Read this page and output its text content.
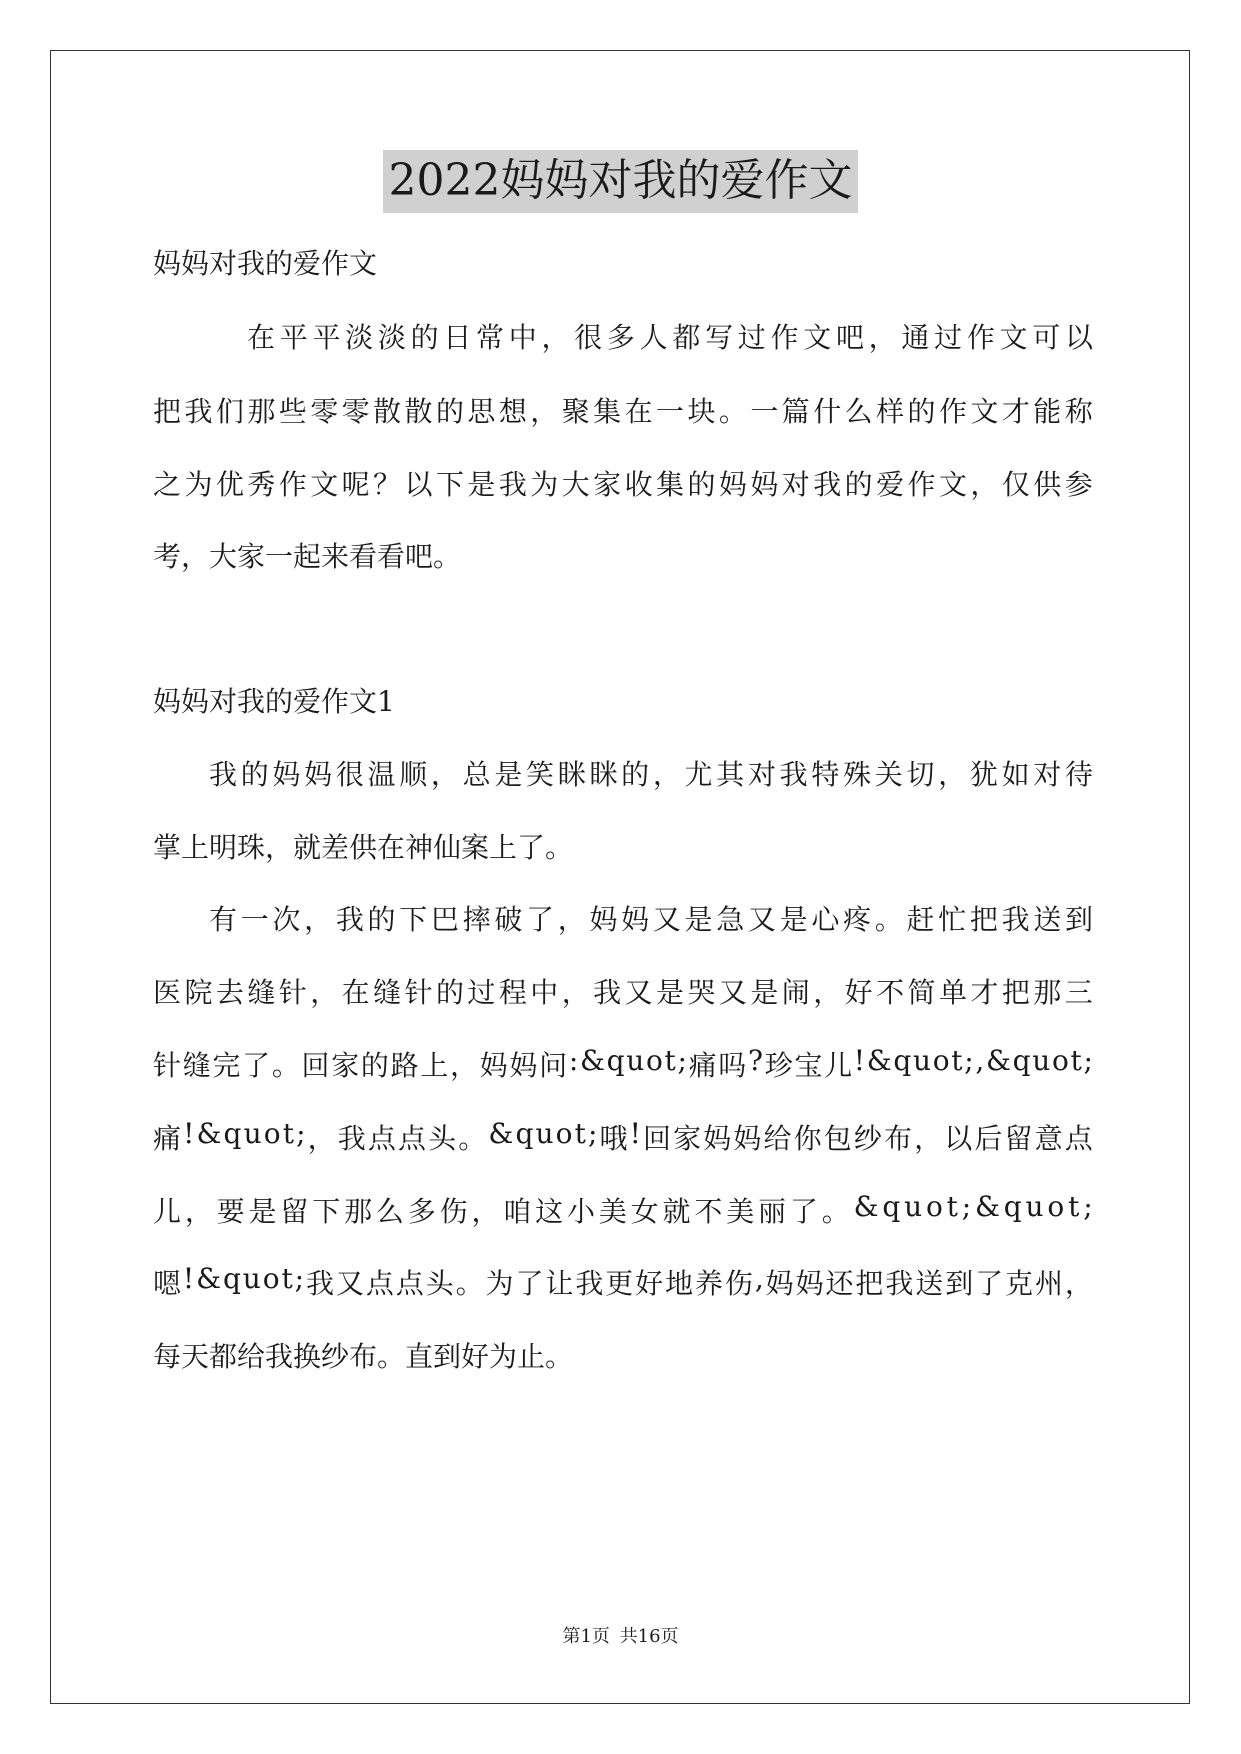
2022妈妈对我的爱作文
妈妈对我的爱作文
在 平 平 淡 淡 的 日 常 中 ， 很 多 人 都 写 过 作 文 吧 ， 通 过 作 文 可 以
把 我 们 那 些 零 零 散 散 的 思 想 ， 聚 集 在 一 块 。 一 篇 什 么 样 的 作 文 才 能 称
之 为 优 秀 作 文 呢 ？ 以 下 是 我 为 大 家 收 集 的 妈 妈 对 我 的 爱 作 文 ， 仅 供 参
考，大家一起来看看吧。
妈妈对我的爱作文1
我 的 妈 妈 很 温 顺 ， 总 是 笑 眯 眯 的 ， 尤 其 对 我 特 殊 关 切 ， 犹 如 对 待
掌上明珠，就差供在神仙案上了。
有 一 次 ， 我 的 下 巴 摔 破 了 ， 妈 妈 又 是 急 又 是 心 疼 。 赶 忙 把 我 送 到
医 院 去 缝 针 ， 在 缝 针 的 过 程 中 ， 我 又 是 哭 又 是 闹 ， 好 不 简 单 才 把 那 三
针 缝 完 了 。 回 家 的 路 上 ， 妈 妈 问 : & q u o t ; 痛 吗 ? 珍 宝 儿 ! & q u o t ; , & q u o t ;
痛 ! & q u o t ; ， 我 点 点 头 。 & q u o t ; 哦 ! 回 家 妈 妈 给 你 包 纱 布 ， 以 后 留 意 点
儿 ， 要 是 留 下 那 么 多 伤 ， 咱 这 小 美 女 就 不 美 丽 了 。 & q u o t ; & q u o t ;
嗯 ! & q u o t ; 我 又 点 点 头 。 为 了 让 我 更 好 地 养 伤 , 妈 妈 还 把 我 送 到 了 克 州 ，
每天都给我换纱布。直到好为止。
第1页 共16页
